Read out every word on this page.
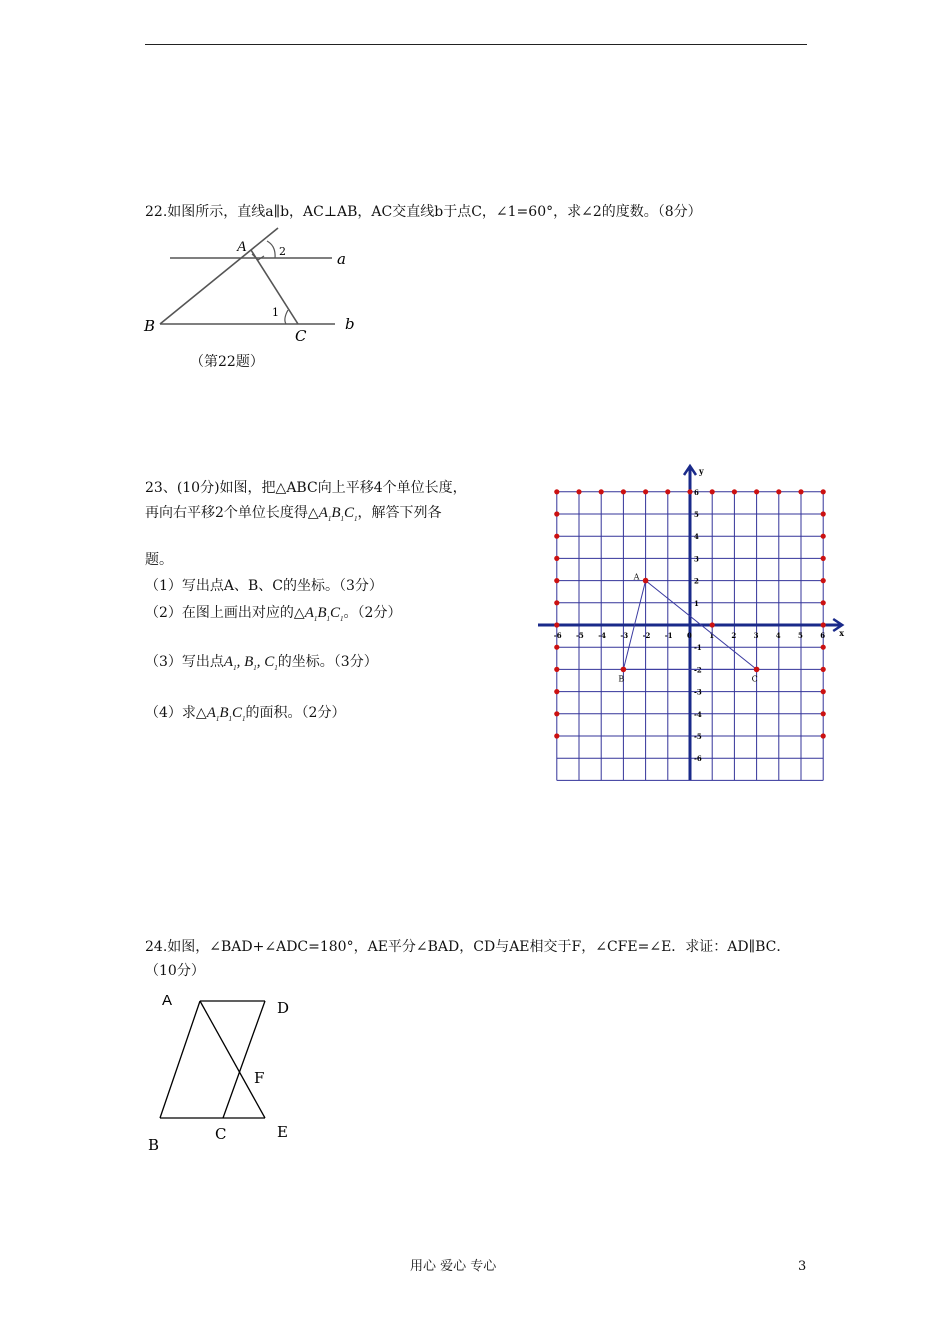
22.如图所示，直线a∥b，AC⊥AB，AC交直线b于点C，∠1=60°，求∠2的度数。（8分）
A
B
C
a
b
1
2
（第22题）
23、(10分)如图，把△ABC向上平移4个单位长度，
再向右平移2个单位长度得$\triangle A_1B_1C_1$，解答下列各
题。
（1）写出点A、B、C的坐标。（3分）
（2）在图上画出对应的$\triangle A_1B_1C_1$。（2分）
（3）写出点$A_1$, $B_1$, $C_1$的坐标。（3分）
（4）求$\triangle A_1B_1C_1$的面积。（2分）
x
y
-6 -5 -4 -3 -2 -1 0 1 2 3 4 5 6
6
5
4
3
2
1
-1
-2
-3
-4
-5
-6
A
B	C
24.如图，∠BAD+∠ADC=180°，AE平分∠BAD，CD与AE相交于F，∠CFE=∠E．求证：AD∥BC．
（10分）
A	D
F
B
C	E
用心 爱心 专心	3
